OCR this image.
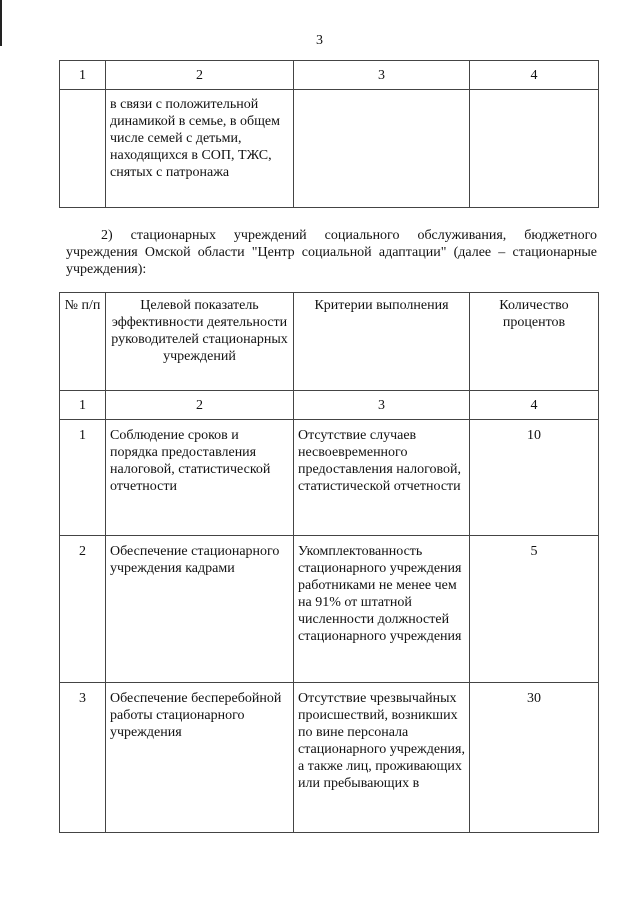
3
1	2	3	4
	в связи с положительной динамикой в семье, в общем числе семей с детьми, находящихся в СОП, ТЖС, снятых с патронажа		
2) стационарных учреждений социального обслуживания, бюджетного учреждения Омской области "Центр социальной адаптации" (далее – стационарные учреждения):
№ п/п	Целевой показатель эффективности деятельности руководителей стационарных учреждений	Критерии выполнения	Количество процентов
1	2	3	4
1	Соблюдение сроков и порядка предоставления налоговой, статистической отчетности	Отсутствие случаев несвоевременного предоставления налоговой, статистической отчетности	10
2	Обеспечение стационарного учреждения кадрами	Укомплектованность стационарного учреждения работниками не менее чем на 91% от штатной численности должностей стационарного учреждения	5
3	Обеспечение бесперебойной работы стационарного учреждения	Отсутствие чрезвычайных происшествий, возникших по вине персонала стационарного учреждения, а также лиц, проживающих или пребывающих в	30
